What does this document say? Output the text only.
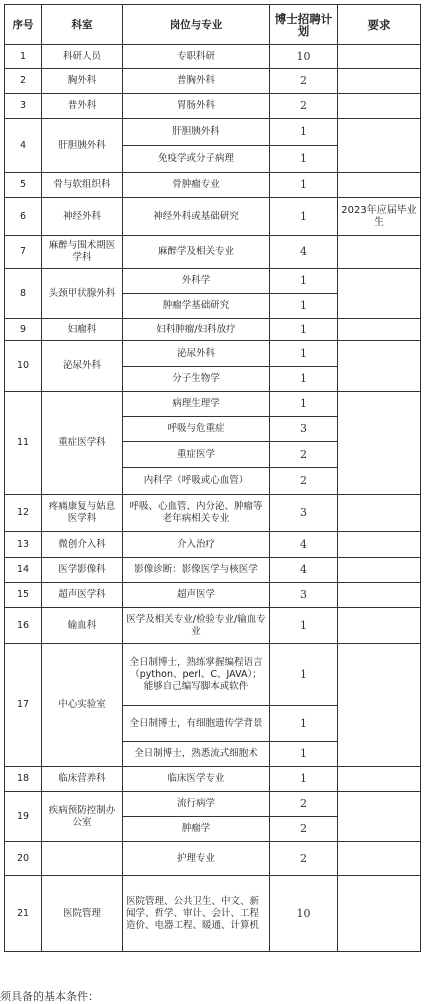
序号	科室	岗位与专业	博士招聘计划	要求
1	科研人员	专职科研	10	
2	胸外科	普胸外科	2	
3	普外科	胃肠外科	2	
4	肝胆胰外科	肝胆胰外科	1	
		免疫学或分子病理	1	
5	骨与软组织科	骨肿瘤专业	1	
6	神经外科	神经外科或基础研究	1	2023年应届毕业生
7	麻醉与围术期医学科	麻醉学及相关专业	4	
8	头颈甲状腺外科	外科学	1	
		肿瘤学基础研究	1	
9	妇瘤科	妇科肿瘤/妇科放疗	1	
10	泌尿外科	泌尿外科	1	
		分子生物学	1	
11	重症医学科	病理生理学	1	
		呼吸与危重症	3	
		重症医学	2	
		内科学（呼吸或心血管）	2	
12	疼痛康复与姑息医学科	呼吸、心血管、内分泌、肿瘤等老年病相关专业	3	
13	微创介入科	介入治疗	4	
14	医学影像科	影像诊断：影像医学与核医学	4	
15	超声医学科	超声医学	3	
16	输血科	医学及相关专业/检验专业/输血专业	1	
17	中心实验室	全日制博士，熟练掌握编程语言（python、perl、C、JAVA）；能够自己编写脚本或软件	1	
		全日制博士，有细胞遗传学背景	1	
		全日制博士，熟悉流式细胞术	1	
18	临床营养科	临床医学专业	1	
19	疾病预防控制办公室	流行病学	2	
		肿瘤学	2	
20		护理专业	2	
21	医院管理	医院管理、公共卫生、中文、新闻学、哲学、审计、会计、工程造价、电器工程、暖通、计算机	10	
须具备的基本条件：
